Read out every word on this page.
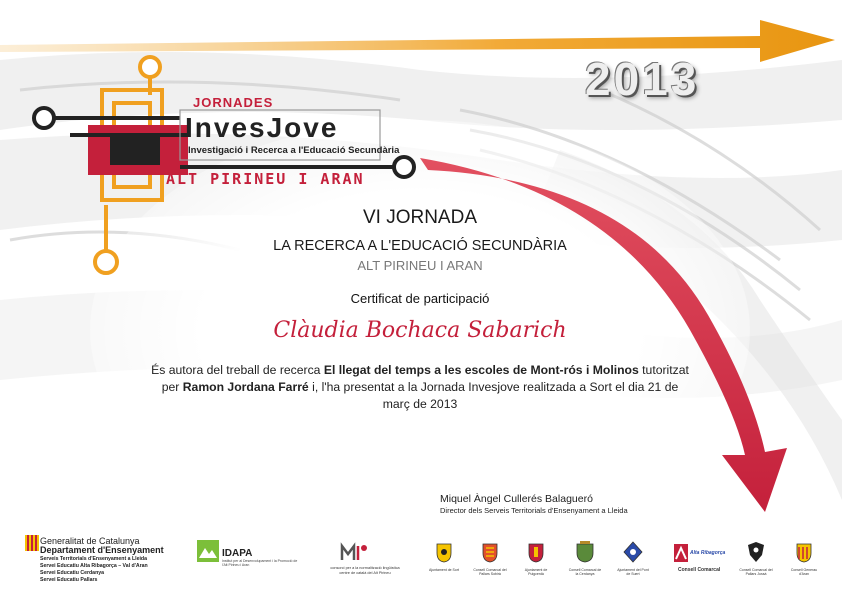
2013
JORNADES
InvesJove
Investigació i Recerca a l'Educació Secundària
ALT PIRINEU I ARAN
VI JORNADA
LA RECERCA A L'EDUCACIÓ SECUNDÀRIA
ALT PIRINEU I ARAN
Certificat de participació
Clàudia Bochaca Sabarich
És autora del treball de recerca El llegat del temps a les escoles de Mont-rós i Molinos tutoritzat per Ramon Jordana Farré i, l'ha presentat a la Jornada Invesjove realitzada a Sort el dia 21 de març de 2013
Miquel Àngel Cullerés Balagueró
Director dels Serveis Territorials d'Ensenyament a Lleida
Generalitat de Catalunya
Departament d'Ensenyament
Serveis Territorials d'Ensenyament a Lleida
Servei Educatiu Alta Ribagorça – Val d'Aran
Servei Educatiu Cerdanya
Servei Educatiu Pallars
IDAPA
Institut per al Desenvolupament i la Promoció de l'Alt Pirineu i Aran
consorci per a la normalització lingüística centre de català del Alt Pirineu
Ajuntament de Sort	Consell Comarcal del Pallars Sobirà
Ajuntament de Puigcerdà
Consell Comarcal de la Cerdanya
Ajuntament del Pont de Suert
Alta Ribagorça
Consell Comarcal	Consell Comarcal del Pallars Jussà
Consell Generau d'Aran
